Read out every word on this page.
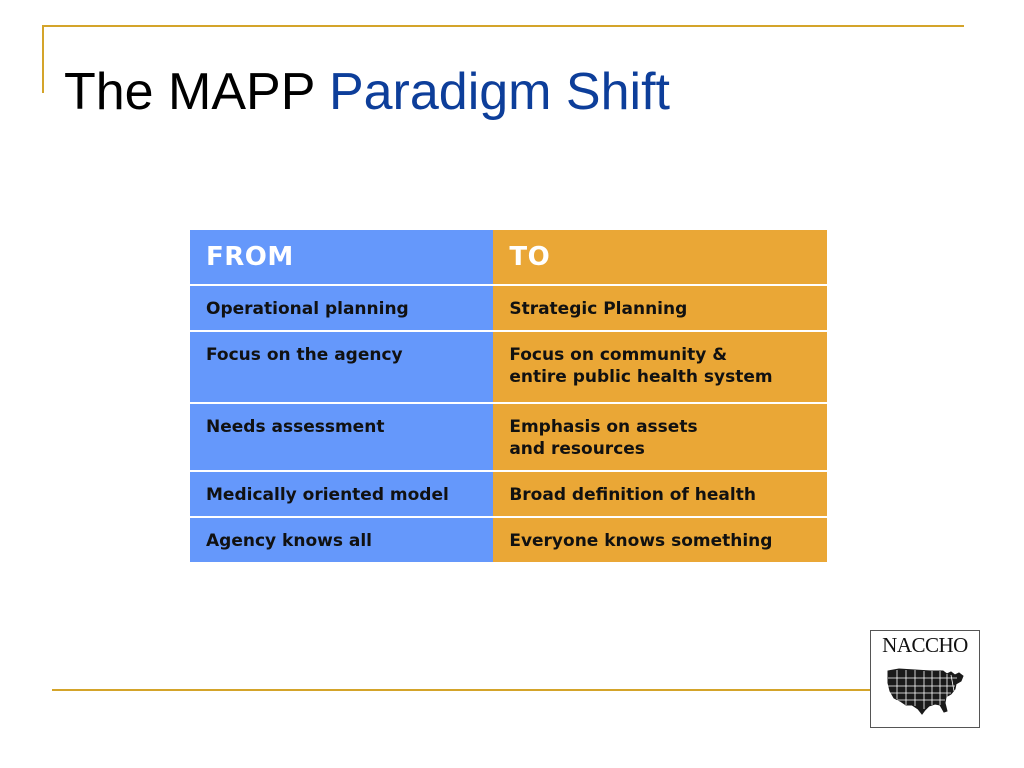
The MAPP Paradigm Shift
FROM	TO
Operational planning	Strategic Planning
Focus on the agency	Focus on community &
entire public health system
Needs assessment	Emphasis on assets
and resources
Medically oriented model	Broad definition of health
Agency knows all	Everyone knows something
NACCHO
